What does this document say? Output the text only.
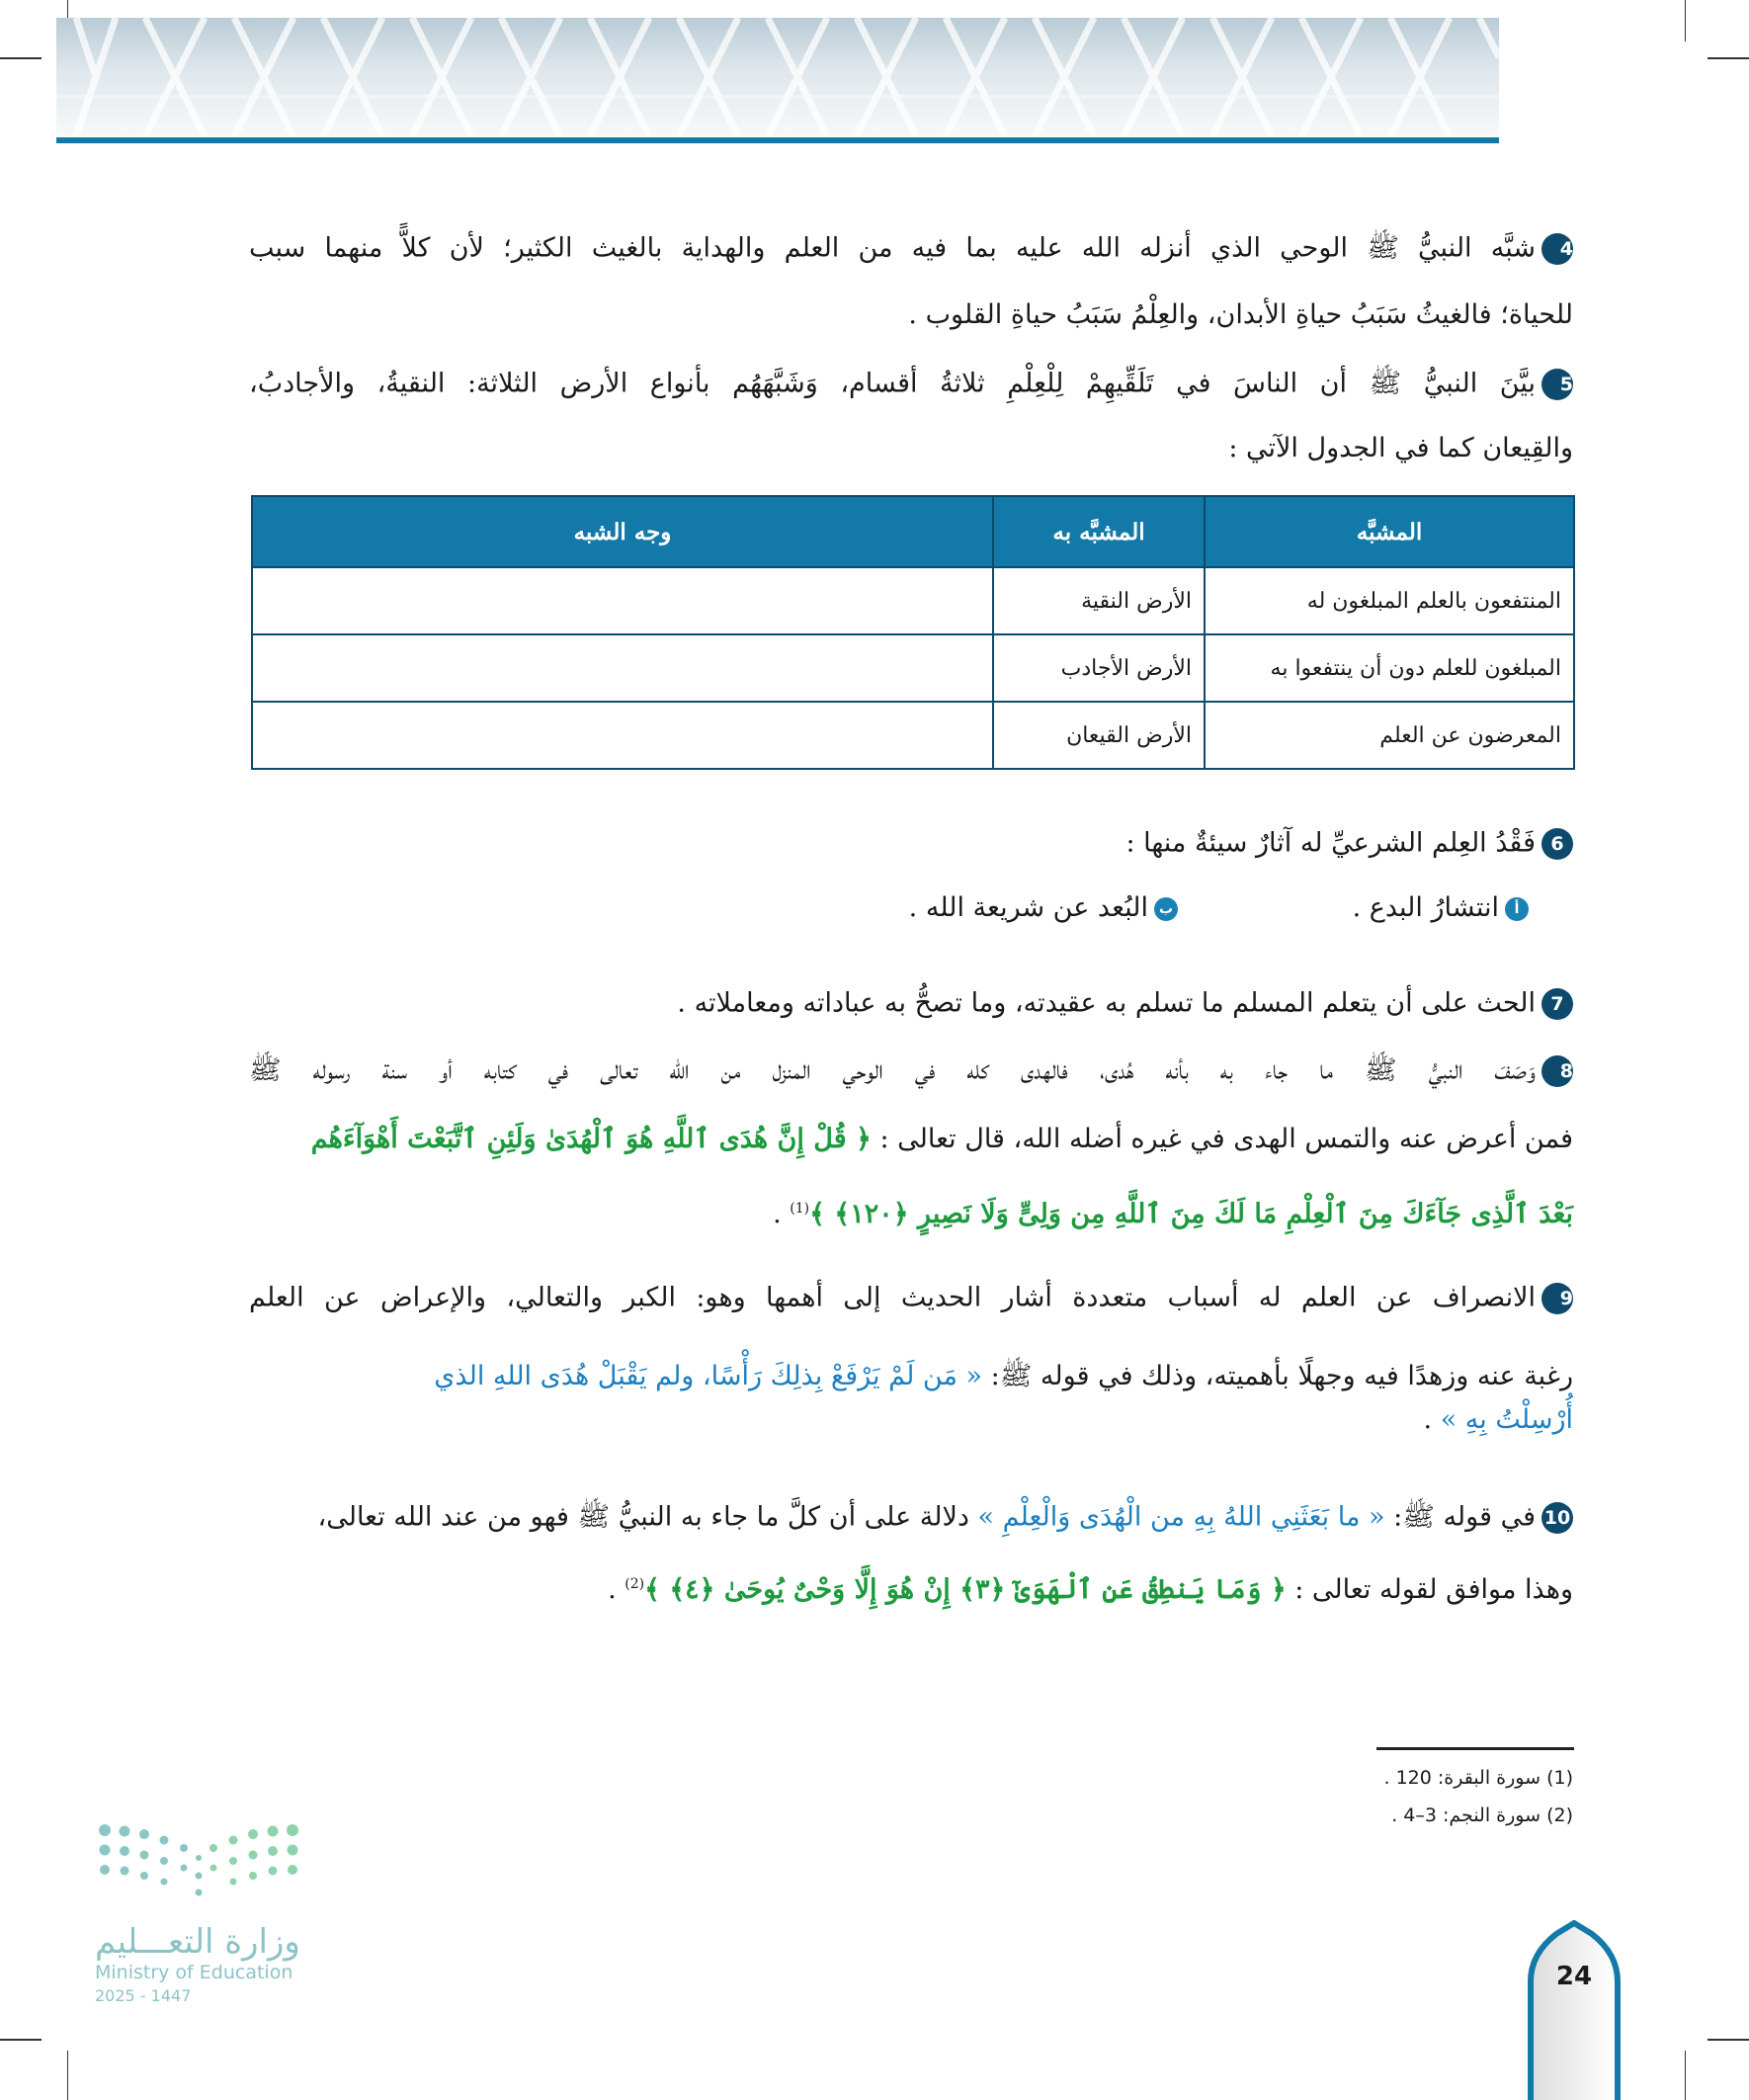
4شبَّه النبيُّ ﷺ الوحي الذي أنزله الله عليه بما فيه من العلم والهداية بالغيث الكثير؛ لأن كلاًّ منهما سبب
للحياة؛ فالغيثُ سَبَبُ حياةِ الأبدان، والعِلْمُ سَبَبُ حياةِ القلوب .
5بيَّنَ النبيُّ ﷺ أن الناسَ في تَلَقِّيهِمْ لِلْعِلْمِ ثلاثةُ أقسام، وَشَبَّهَهُم بأنواع الأرض الثلاثة: النقيةُ، والأجادبُ،
والقِيعان كما في الجدول الآتي :
المشبَّه	المشبَّه به	وجه الشبه
المنتفعون بالعلم المبلغون له	الأرض النقية	
المبلغون للعلم دون أن ينتفعوا به	الأرض الأجادب	
المعرضون عن العلم	الأرض القيعان	
6فَقْدُ العِلم الشرعيِّ له آثارٌ سيئةٌ منها :
أانتشارُ البدع .
بالبُعد عن شريعة الله .
7الحث على أن يتعلم المسلم ما تسلم به عقيدته، وما تصحُّ به عباداته ومعاملاته .
8وَصَفَ النبيُّ ﷺ ما جاء به بأنه هُدى، فالهدى كله في الوحي المنزل من الله تعالى في كتابه أو سنة رسوله ﷺ
فمن أعرض عنه والتمس الهدى في غيره أضله الله، قال تعالى : ﴿ قُلْ إِنَّ هُدَى ٱللَّهِ هُوَ ٱلْهُدَىٰ وَلَئِنِ ٱتَّبَعْتَ أَهْوَآءَهُم
بَعْدَ ٱلَّذِى جَآءَكَ مِنَ ٱلْعِلْمِ مَا لَكَ مِنَ ٱللَّهِ مِن وَلِىٍّ وَلَا نَصِيرٍ ﴿١٢٠﴾ ﴾$^{(1)}$ .
9الانصراف عن العلم له أسباب متعددة أشار الحديث إلى أهمها وهو: الكبر والتعالي، والإعراض عن العلم
رغبة عنه وزهدًا فيه وجهلًا بأهميته، وذلك في قوله ﷺ: « مَن لَمْ يَرْفَعْ بِذلِكَ رَأْسًا، ولم يَقْبَلْ هُدَى اللهِ الذي
أُرْسِلْتُ بِهِ » .
10في قوله ﷺ: « ما بَعَثَنِي اللهُ بِهِ من الْهُدَى وَالْعِلْمِ » دلالة على أن كلَّ ما جاء به النبيُّ ﷺ فهو من عند الله تعالى،
وهذا موافق لقوله تعالى : ﴿ وَمَا يَنطِقُ عَنِ ٱلْهَوَىٰٓ ﴿٣﴾ إِنْ هُوَ إِلَّا وَحْىٌ يُوحَىٰ ﴿٤﴾ ﴾$^{(2)}$ .
(1) سورة البقرة: 120 .
(2) سورة النجم: 3–4 .
وزارة التعـــليم
Ministry of Education
2025 - 1447
24
